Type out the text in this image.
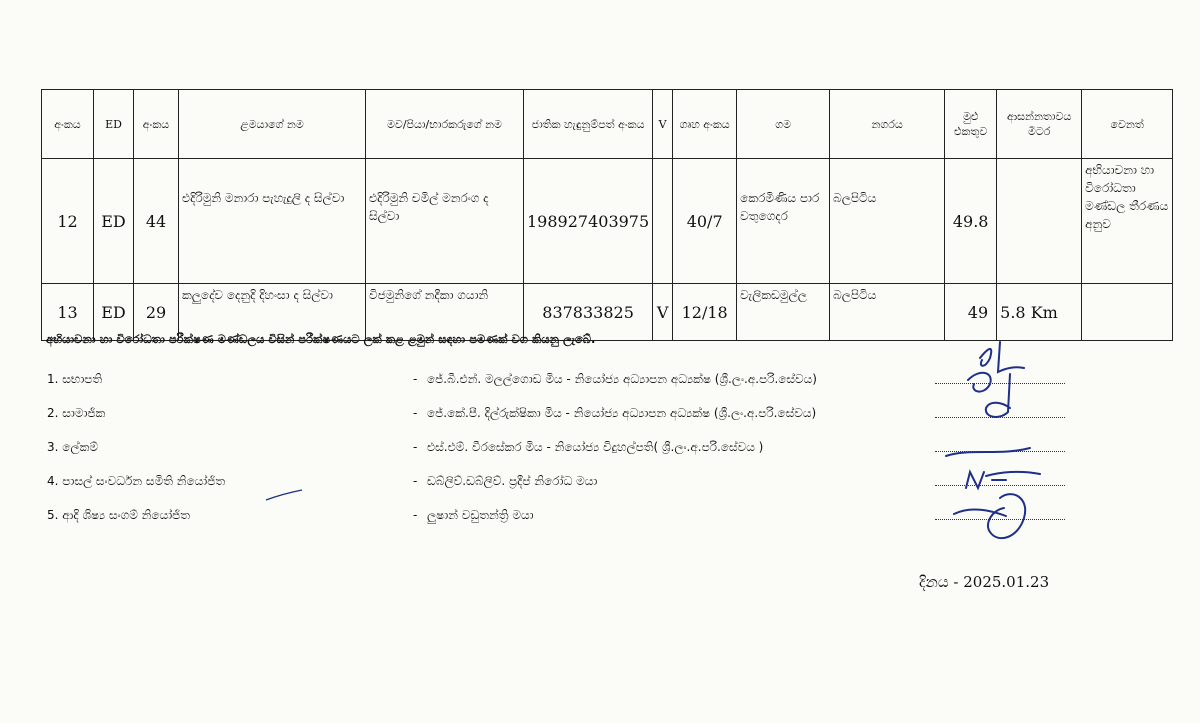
අංකය	ED	අංකය	ළමයාගේ නම	මව/පියා/භාරකරුගේ නම	ජාතික හැඳුනුම්පත් අංකය	V	ගෘහ අංකය	ගම	නගරය	මුළු එකතුව	ආසන්නතාවය මීටර	වෙනත්
12	ED	44	එදිරිමුනි මනාරා පැහැදුලි ද සිල්වා	එදිරිමුනි චමිල් මනරංග ද සිල්වා	198927403975		40/7	කෙරමිණිය පාර වතුගෙදර	බලපිටිය	49.8		අභියාචනා හා විරෝධතා මණ්ඩල තීරණය අනුව
13	ED	29	කලුදේව දෙනුදි දිහංසා ද සිල්වා	විජමුනිගේ නදීකා ගයානි	837833825	V	12/18	වැලිකඩමුල්ල	බලපිටිය	49	5.8 Km	
අභියාචනා හා විරෝධතා පරීක්ෂණ මණ්ඩලය විසින් පරීක්ෂණයට ලක් කළ ළමුන් සඳහා පමණක් වග කියනු ලැබේ.
1. සභාපති	- ජේ.බී.එන්. මලල්ගොඩ මිය - නියෝජ්‍ය අධ්‍යාපන අධ්‍යක්ෂ (ශ්‍රී.ලං.අ.පරි.සේවය)
2. සාමාජික	- ජේ.කේ.පී. දිල්රුක්ෂිකා මිය - නියෝජ්‍ය අධ්‍යාපන අධ්‍යක්ෂ (ශ්‍රී.ලං.අ.පරි.සේවය)
3. ලේකම්	- එස්.එම්. වීරසේකර මිය - නියෝජ්‍ය විදුහල්පති( ශ්‍රී.ලං.අ.පරි.සේවය )
4. පාසල් සංවර්ධන සමිති නියෝජිත	- ඩබ්ලිව්.ඩබ්ලිව්. ප්‍රදීප් නිරෝධ මයා
5. ආදි ශිෂ්‍ය සංගම් නියෝජිත	- ලුෂාන් වඩුතන්ත්‍රි මයා
දිනය - 2025.01.23
